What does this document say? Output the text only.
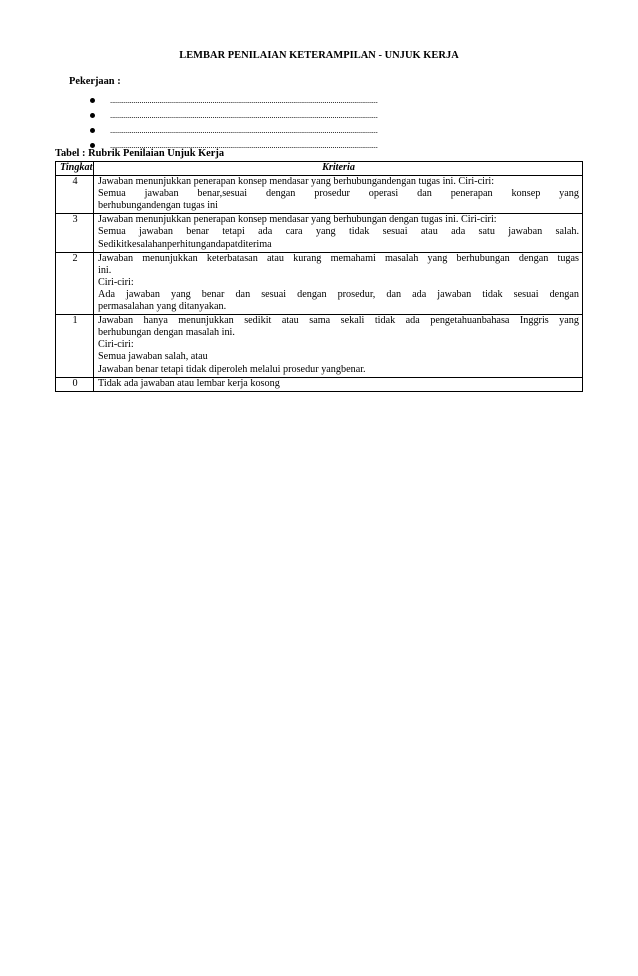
LEMBAR PENILAIAN KETERAMPILAN - UNJUK KERJA
Pekerjaan :
........................................................................................................................................
........................................................................................................................................
........................................................................................................................................
........................................................................................................................................
Tabel : Rubrik Penilaian Unjuk Kerja
Tingkat	Kriteria
4	Jawaban menunjukkan penerapan konsep mendasar yang berhubungandengan tugas ini. Ciri-ciri:
Semua jawaban benar,sesuai dengan prosedur operasi dan penerapan konsep yang
berhubungandengan tugas ini

3	Jawaban menunjukkan penerapan konsep mendasar yang berhubungan dengan tugas ini. Ciri-ciri:
Semua jawaban benar tetapi ada cara yang tidak sesuai atau ada satu jawaban salah.
Sedikitkesalahanperhitungandapatditerima

2	Jawaban menunjukkan keterbatasan atau kurang memahami masalah yang berhubungan dengan tugas
ini.
Ciri-ciri:
Ada jawaban yang benar dan sesuai dengan prosedur, dan ada jawaban tidak sesuai dengan
permasalahan yang ditanyakan.

1	Jawaban hanya menunjukkan sedikit atau sama sekali tidak ada pengetahuanbahasa Inggris yang
berhubungan dengan masalah ini.
Ciri-ciri:
Semua jawaban salah, atau
Jawaban benar tetapi tidak diperoleh melalui prosedur yangbenar.

0	Tidak ada jawaban atau lembar kerja kosong
